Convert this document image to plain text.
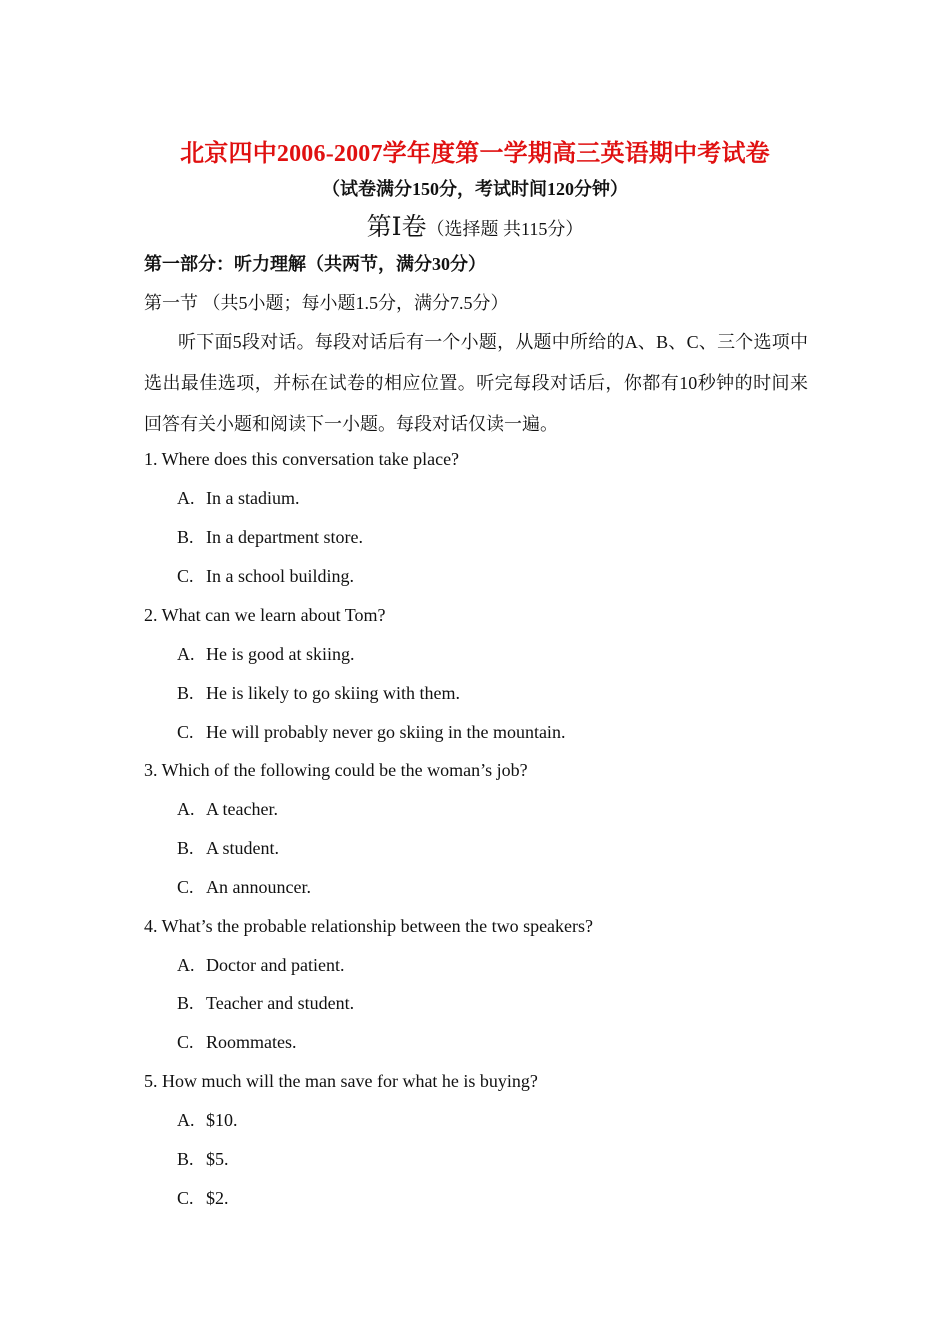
北京四中2006-2007学年度第一学期高三英语期中考试卷
（试卷满分150分，考试时间120分钟）
第Ⅰ卷（选择题 共115分）
第一部分：听力理解（共两节，满分30分）
第一节 （共5小题；每小题1.5分，满分7.5分）
听下面5段对话。每段对话后有一个小题，从题中所给的A、B、C、三个选项中选出最佳选项，并标在试卷的相应位置。听完每段对话后，你都有10秒钟的时间来回答有关小题和阅读下一小题。每段对话仅读一遍。
1. Where does this conversation take place?
A. In a stadium.
B. In a department store.
C. In a school building.
2. What can we learn about Tom?
A. He is good at skiing.
B. He is likely to go skiing with them.
C. He will probably never go skiing in the mountain.
3. Which of the following could be the woman’s job?
A. A teacher.
B. A student.
C. An announcer.
4. What’s the probable relationship between the two speakers?
A. Doctor and patient.
B. Teacher and student.
C. Roommates.
5. How much will the man save for what he is buying?
A. $10.
B. $5.
C. $2.
